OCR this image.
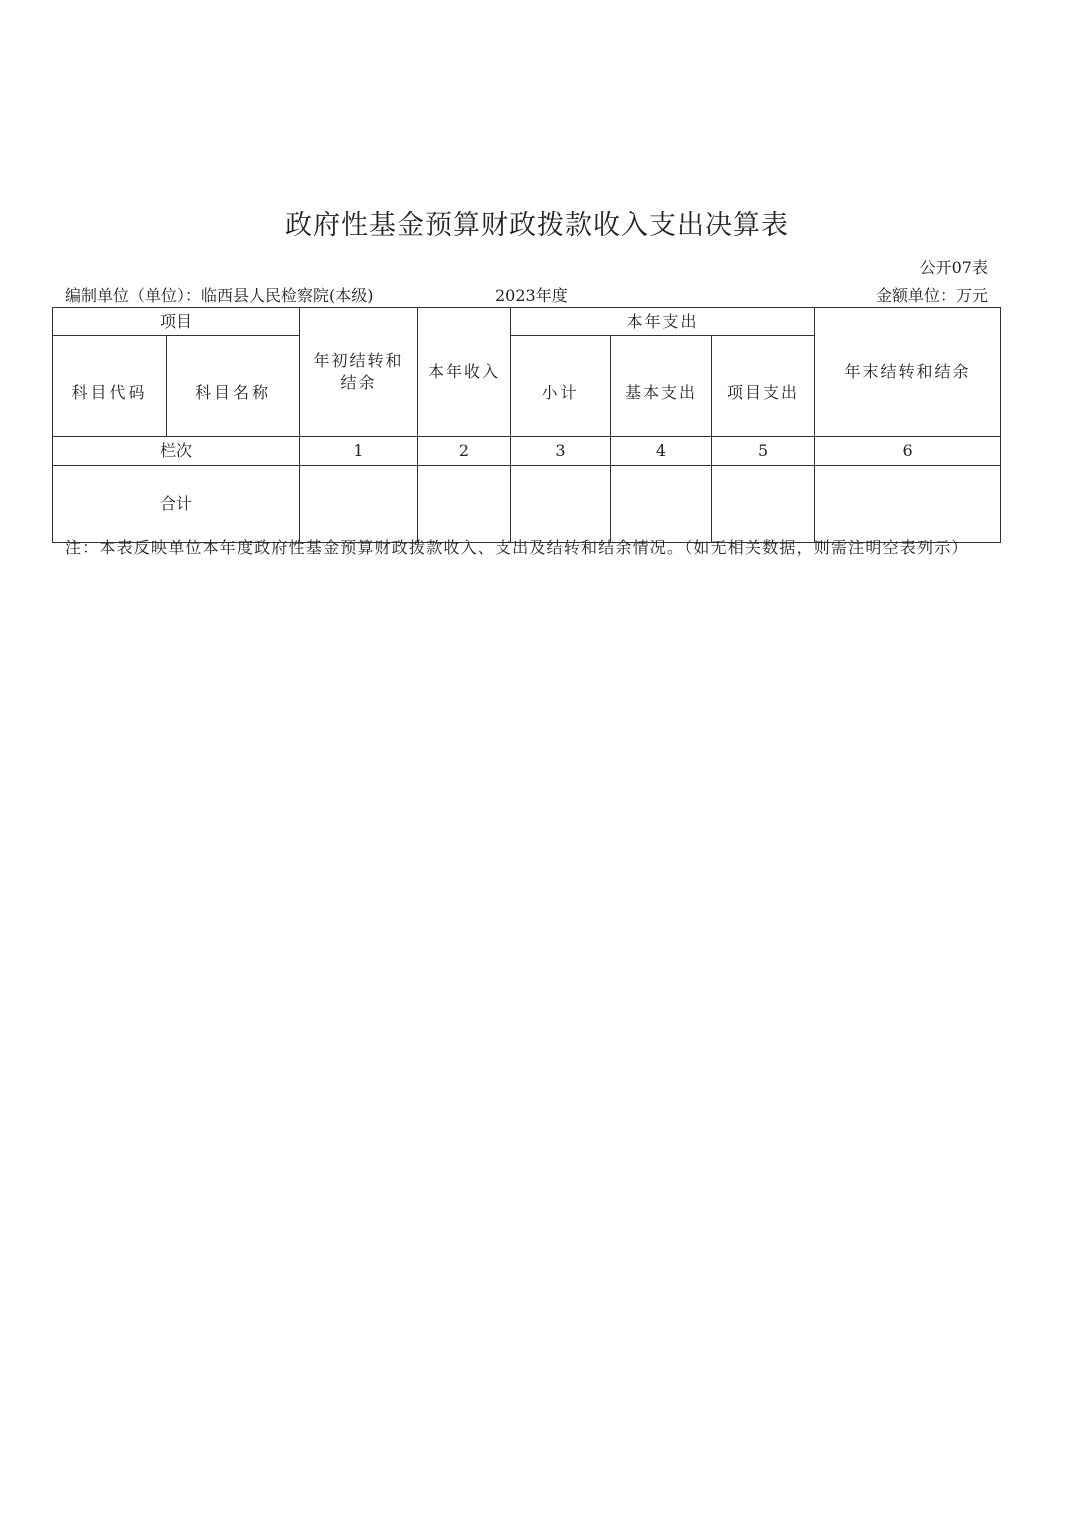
政府性基金预算财政拨款收入支出决算表
公开07表
编制单位（单位）：临西县人民检察院(本级)	2023年度	金额单位：万元
项目		年初结转和结余	本年收入	本年支出			年末结转和结余
科目代码	科目名称			小计	基本支出	项目支出	
栏次		1	2	3	4	5	6
合计							
注：本表反映单位本年度政府性基金预算财政拨款收入、支出及结转和结余情况。（如无相关数据，则需注明空表列示）
